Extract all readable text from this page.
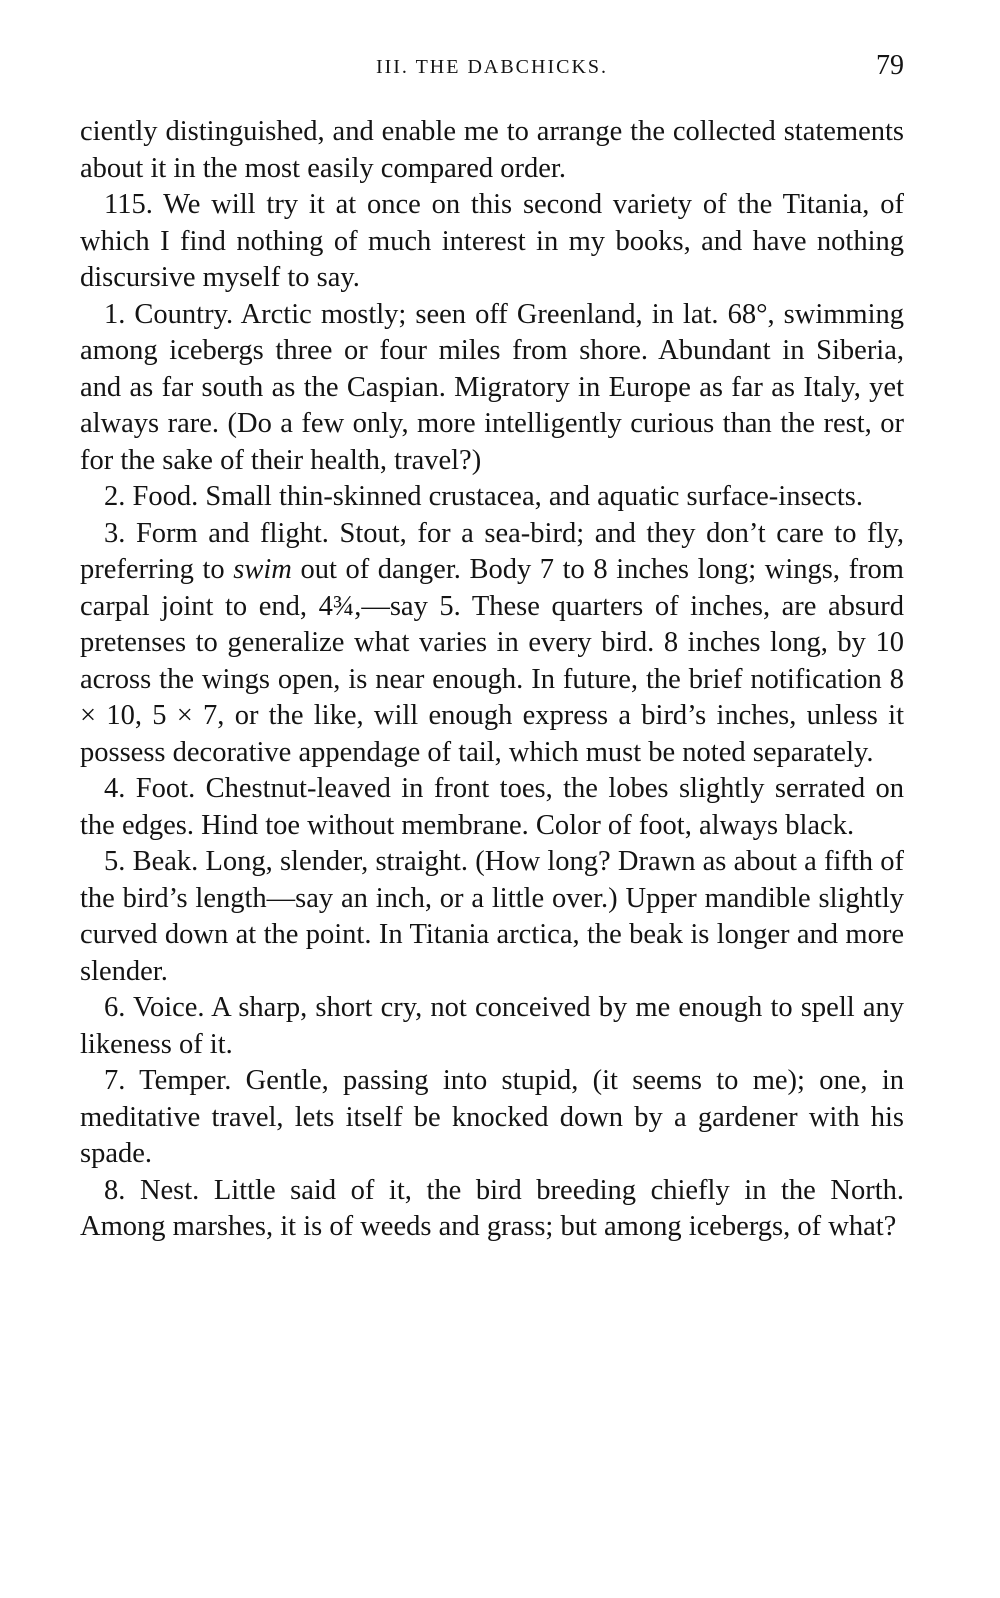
III. THE DABCHICKS.	79

ciently distinguished, and enable me to arrange the collected statements about it in the most easily compared order.

115. We will try it at once on this second variety of the Titania, of which I find nothing of much interest in my books, and have nothing discursive myself to say.

1. Country. Arctic mostly; seen off Greenland, in lat. 68°, swimming among icebergs three or four miles from shore. Abundant in Siberia, and as far south as the Caspian. Migratory in Europe as far as Italy, yet always rare. (Do a few only, more intelligently curious than the rest, or for the sake of their health, travel?)

2. Food. Small thin-skinned crustacea, and aquatic surface-insects.

3. Form and flight. Stout, for a sea-bird; and they don’t care to fly, preferring to swim out of danger. Body 7 to 8 inches long; wings, from carpal joint to end, 4¾,—say 5. These quarters of inches, are absurd pretenses to generalize what varies in every bird. 8 inches long, by 10 across the wings open, is near enough. In future, the brief notification 8 × 10, 5 × 7, or the like, will enough express a bird’s inches, unless it possess decorative appendage of tail, which must be noted separately.

4. Foot. Chestnut-leaved in front toes, the lobes slightly serrated on the edges. Hind toe without membrane. Color of foot, always black.

5. Beak. Long, slender, straight. (How long? Drawn as about a fifth of the bird’s length—say an inch, or a little over.) Upper mandible slightly curved down at the point. In Titania arctica, the beak is longer and more slender.

6. Voice. A sharp, short cry, not conceived by me enough to spell any likeness of it.

7. Temper. Gentle, passing into stupid, (it seems to me); one, in meditative travel, lets itself be knocked down by a gardener with his spade.

8. Nest. Little said of it, the bird breeding chiefly in the North. Among marshes, it is of weeds and grass; but among icebergs, of what?
